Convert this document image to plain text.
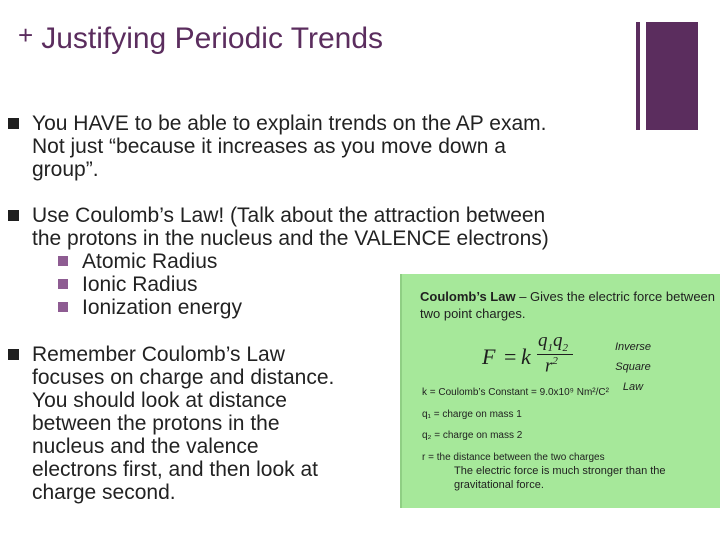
+ Justifying Periodic Trends
You HAVE to be able to explain trends on the AP exam.
Not just “because it increases as you move down a
group”.
Use Coulomb’s Law! (Talk about the attraction between
the protons in the nucleus and the VALENCE electrons)
Atomic Radius
Ionic Radius
Ionization energy
Remember Coulomb’s Law
focuses on charge and distance.
You should look at distance
between the protons in the
nucleus and the valence
electrons first, and then look at
charge second.
Coulomb’s Law – Gives the electric force between two point charges.
F = k
$q_1q_2$
$r^2$
Inverse Square
Law
k = Coulomb’s Constant = 9.0x10⁹ Nm²/C²
q₁ = charge on mass 1
q₂ = charge on mass 2
r = the distance between the two charges
The electric force is much stronger than the gravitational force.
